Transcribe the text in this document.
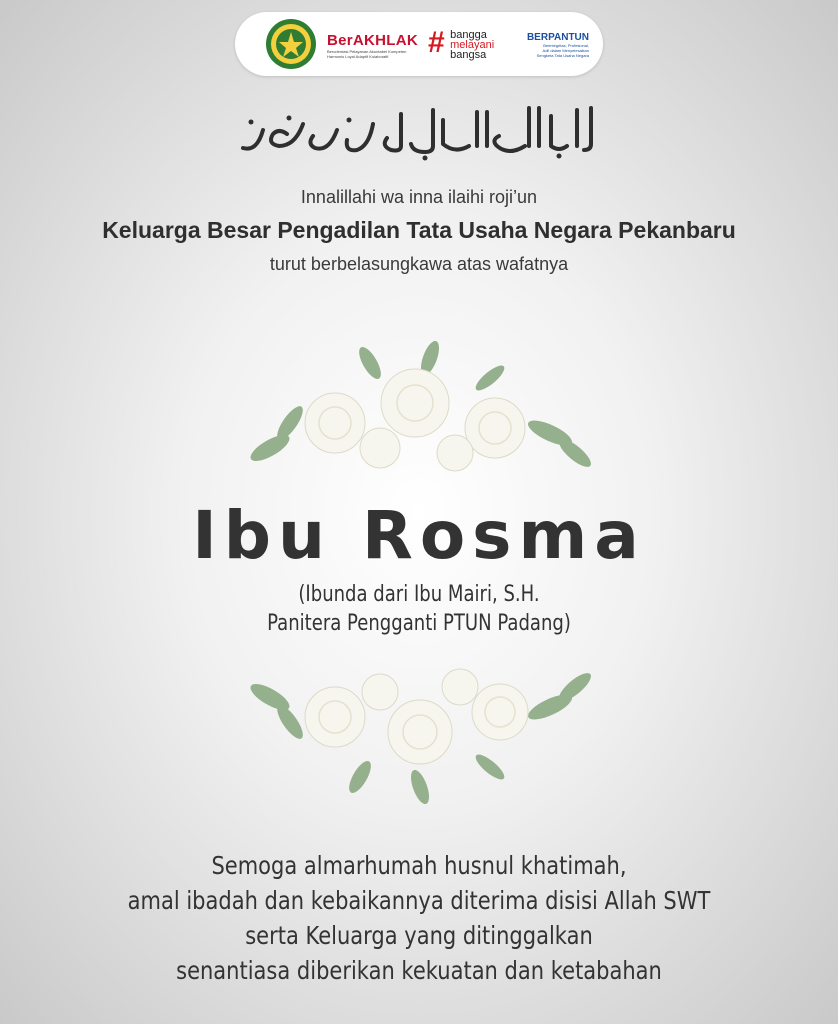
BerAKHLAK
Berorientasi Pelayanan Akuntabel Kompeten Harmonis Loyal Adaptif Kolaboratif	# bangga
melayani
bangsa
BERPANTUN
Berintegritas, Profesional,
Adil dalam Menyelesaikan
Sengketa Tata Usaha Negara
Innalillahi wa inna ilaihi roji’un
Keluarga Besar Pengadilan Tata Usaha Negara Pekanbaru
turut berbelasungkawa atas wafatnya
Ibu Rosma
(Ibunda dari Ibu Mairi, S.H.
Panitera Pengganti PTUN Padang)
Semoga almarhumah husnul khatimah,
amal ibadah dan kebaikannya diterima disisi Allah SWT
serta Keluarga yang ditinggalkan
senantiasa diberikan kekuatan dan ketabahan
